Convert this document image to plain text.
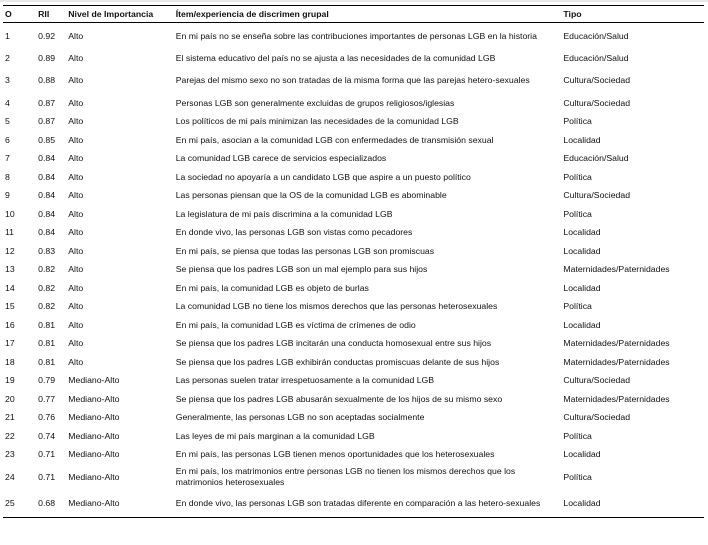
O	RII	Nivel de Importancia	Ítem/experiencia de discrimen grupal	Tipo
1	0.92	Alto	En mi país no se enseña sobre las contribuciones importantes de personas LGB en la historia	Educación/Salud
2	0.89	Alto	El sistema educativo del país no se ajusta a las necesidades de la comunidad LGB	Educación/Salud
3	0.88	Alto	Parejas del mismo sexo no son tratadas de la misma forma que las parejas hetero-sexuales	Cultura/Sociedad
4	0.87	Alto	Personas LGB son generalmente excluidas de grupos religiosos/iglesias	Cultura/Sociedad
5	0.87	Alto	Los políticos de mi país minimizan las necesidades de la comunidad LGB	Política
6	0.85	Alto	En mi país, asocian a la comunidad LGB con enfermedades de transmisión sexual	Localidad
7	0.84	Alto	La comunidad LGB carece de servicios especializados	Educación/Salud
8	0.84	Alto	La sociedad no apoyaría a un candidato LGB que aspire a un puesto político	Política
9	0.84	Alto	Las personas piensan que la OS de la comunidad LGB es abominable	Cultura/Sociedad
10	0.84	Alto	La legislatura de mi país discrimina a la comunidad LGB	Política
11	0.84	Alto	En donde vivo, las personas LGB son vistas como pecadores	Localidad
12	0.83	Alto	En mi país, se piensa que todas las personas LGB son promiscuas	Localidad
13	0.82	Alto	Se piensa que los padres LGB son un mal ejemplo para sus hijos	Maternidades/Paternidades
14	0.82	Alto	En mi país, la comunidad LGB es objeto de burlas	Localidad
15	0.82	Alto	La comunidad LGB no tiene los mismos derechos que las personas heterosexuales	Política
16	0.81	Alto	En mi país, la comunidad LGB es víctima de crímenes de odio	Localidad
17	0.81	Alto	Se piensa que los padres LGB incitarán una conducta homosexual entre sus hijos	Maternidades/Paternidades
18	0.81	Alto	Se piensa que los padres LGB exhibirán conductas promiscuas delante de sus hijos	Maternidades/Paternidades
19	0.79	Mediano-Alto	Las personas suelen tratar irrespetuosamente a la comunidad LGB	Cultura/Sociedad
20	0.77	Mediano-Alto	Se piensa que los padres LGB abusarán sexualmente de los hijos de su mismo sexo	Maternidades/Paternidades
21	0.76	Mediano-Alto	Generalmente, las personas LGB no son aceptadas socialmente	Cultura/Sociedad
22	0.74	Mediano-Alto	Las leyes de mi país marginan a la comunidad LGB	Política
23	0.71	Mediano-Alto	En mi país, las personas LGB tienen menos oportunidades que los heterosexuales	Localidad
24	0.71	Mediano-Alto	En mi país, los matrimonios entre personas LGB no tienen los mismos derechos que los matrimonios heterosexuales	Política
25	0.68	Mediano-Alto	En donde vivo, las personas LGB son tratadas diferente en comparación a las hetero-sexuales	Localidad
